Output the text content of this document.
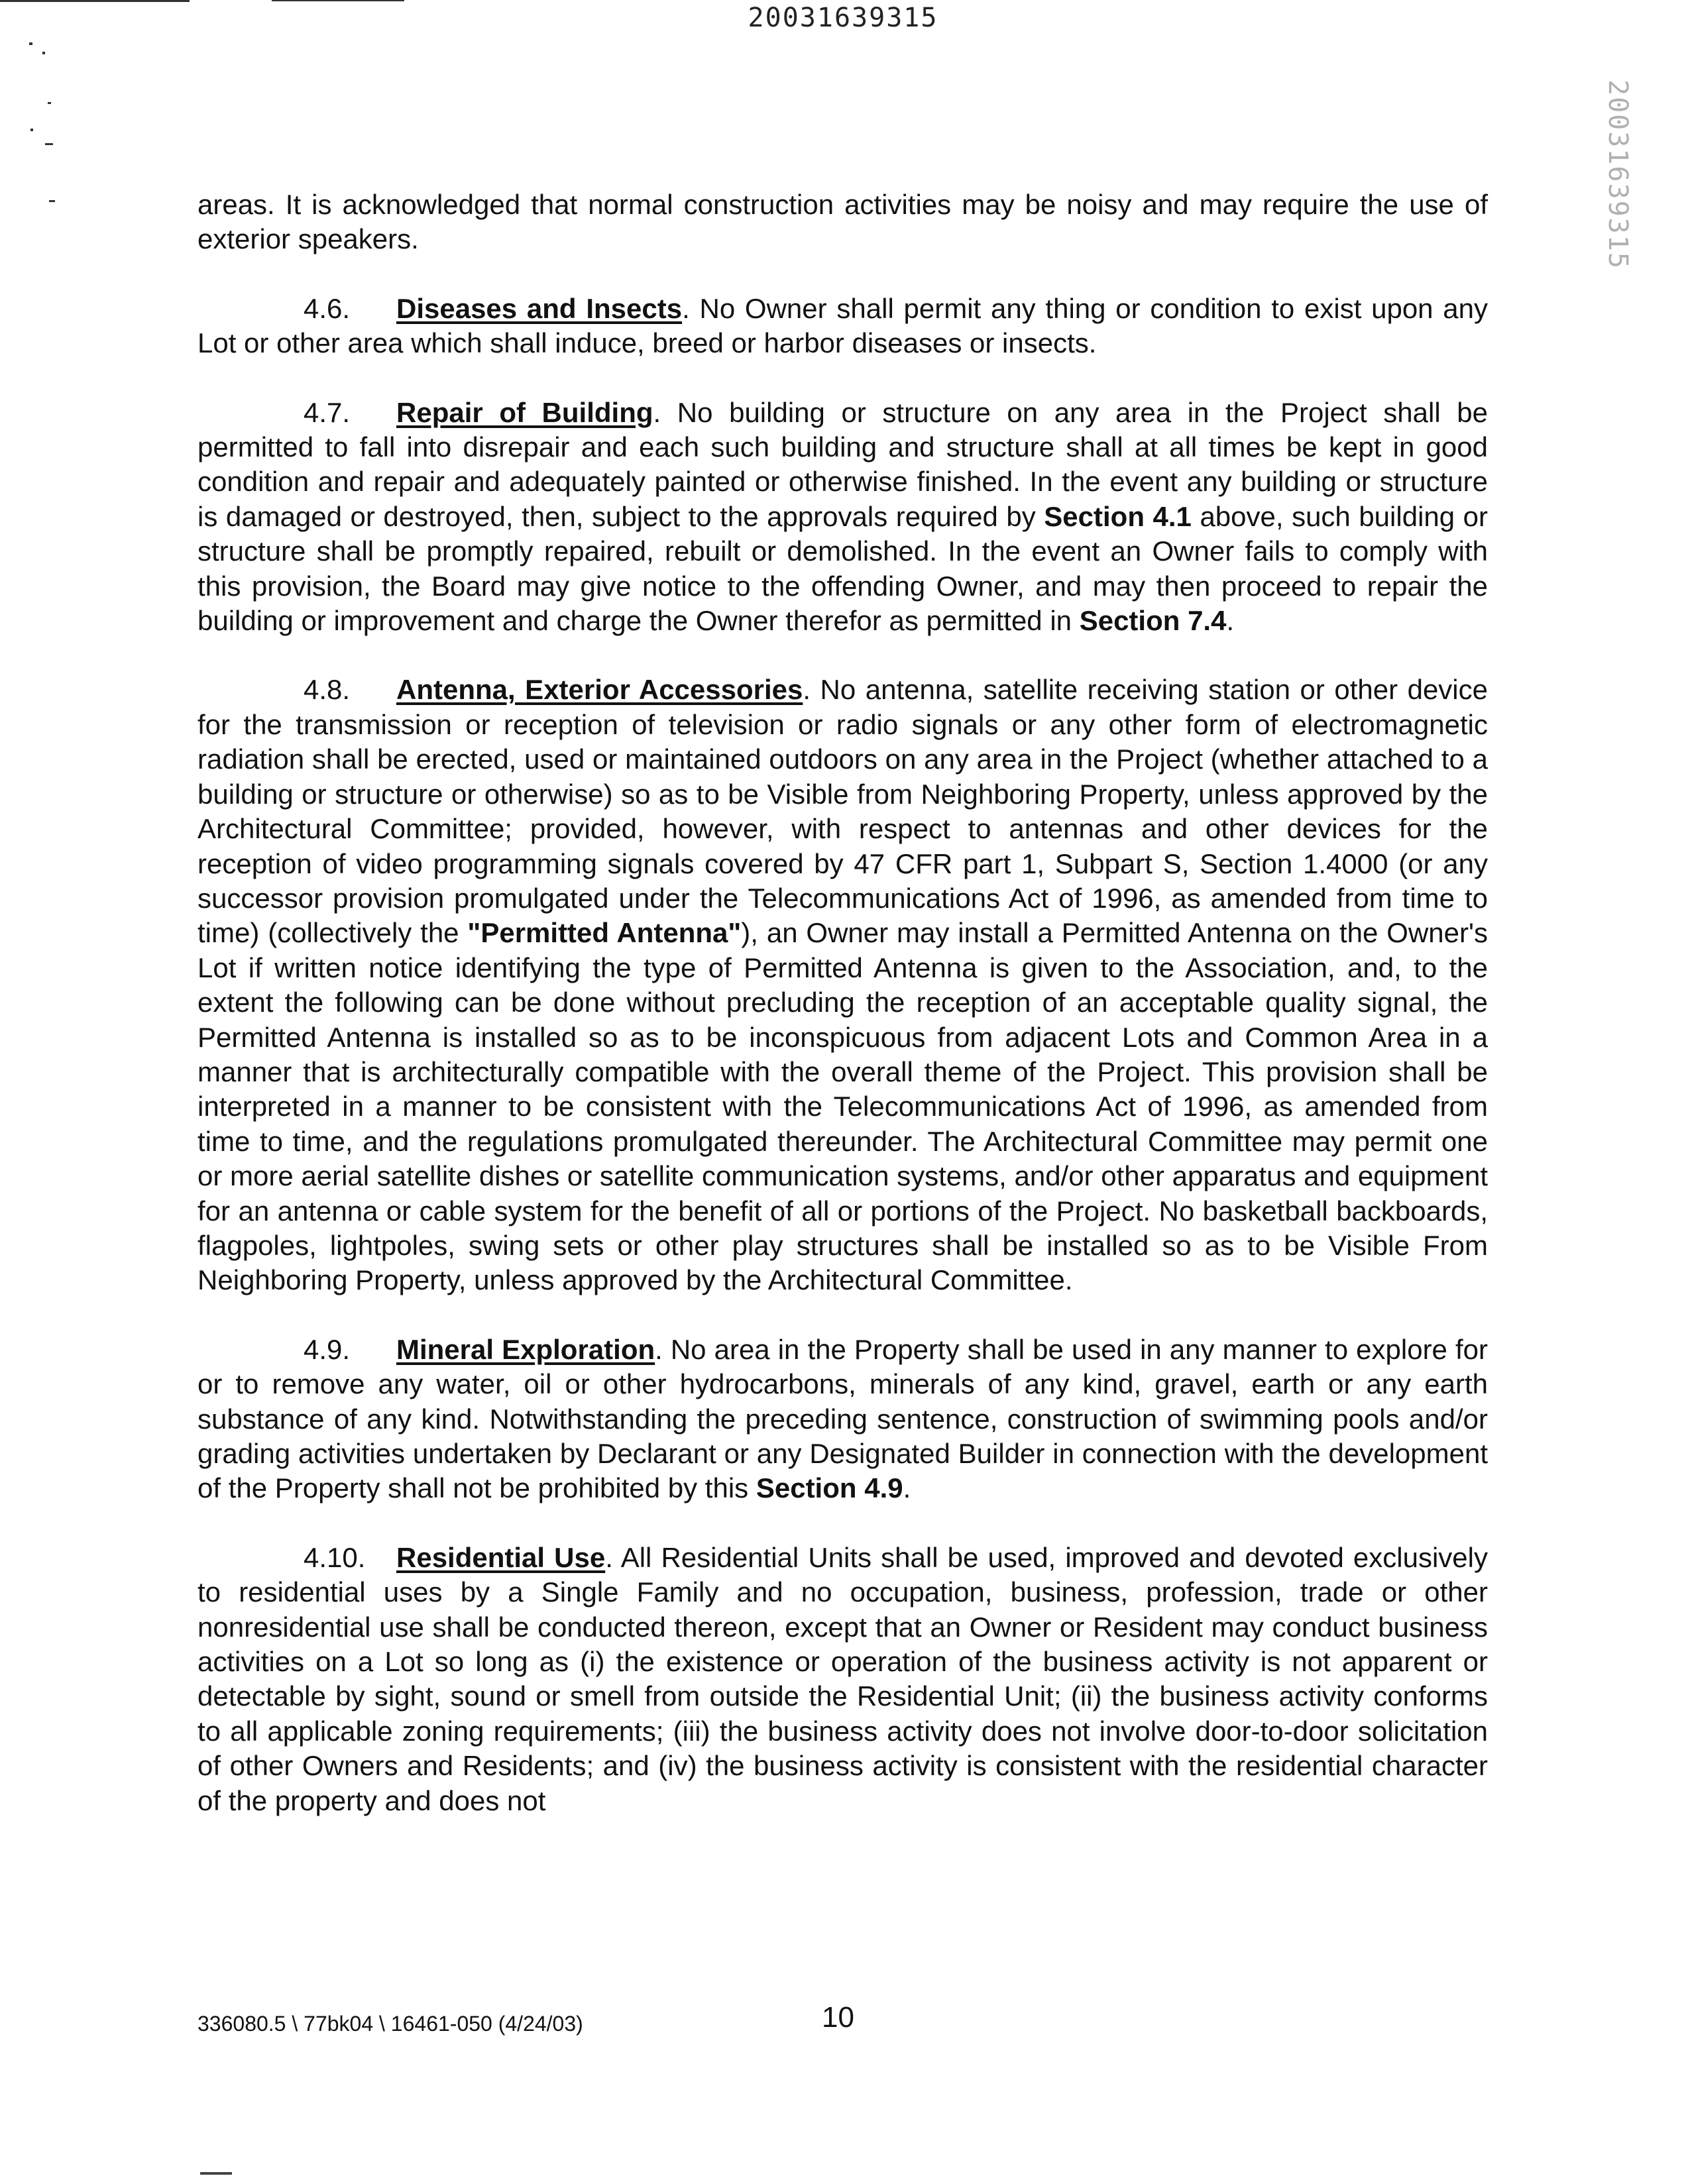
20031639315
20031639315

areas. It is acknowledged that normal construction activities may be noisy and may require the use of exterior speakers.

4.6. Diseases and Insects. No Owner shall permit any thing or condition to exist upon any Lot or other area which shall induce, breed or harbor diseases or insects.

4.7. Repair of Building. No building or structure on any area in the Project shall be permitted to fall into disrepair and each such building and structure shall at all times be kept in good condition and repair and adequately painted or otherwise finished. In the event any building or structure is damaged or destroyed, then, subject to the approvals required by Section 4.1 above, such building or structure shall be promptly repaired, rebuilt or demolished. In the event an Owner fails to comply with this provision, the Board may give notice to the offending Owner, and may then proceed to repair the building or improvement and charge the Owner therefor as permitted in Section 7.4.

4.8. Antenna, Exterior Accessories. No antenna, satellite receiving station or other device for the transmission or reception of television or radio signals or any other form of electromagnetic radiation shall be erected, used or maintained outdoors on any area in the Project (whether attached to a building or structure or otherwise) so as to be Visible from Neighboring Property, unless approved by the Architectural Committee; provided, however, with respect to antennas and other devices for the reception of video programming signals covered by 47 CFR part 1, Subpart S, Section 1.4000 (or any successor provision promulgated under the Telecommunications Act of 1996, as amended from time to time) (collectively the "Permitted Antenna"), an Owner may install a Permitted Antenna on the Owner's Lot if written notice identifying the type of Permitted Antenna is given to the Association, and, to the extent the following can be done without precluding the reception of an acceptable quality signal, the Permitted Antenna is installed so as to be inconspicuous from adjacent Lots and Common Area in a manner that is architecturally compatible with the overall theme of the Project. This provision shall be interpreted in a manner to be consistent with the Telecommunications Act of 1996, as amended from time to time, and the regulations promulgated thereunder. The Architectural Committee may permit one or more aerial satellite dishes or satellite communication systems, and/or other apparatus and equipment for an antenna or cable system for the benefit of all or portions of the Project. No basketball backboards, flagpoles, lightpoles, swing sets or other play structures shall be installed so as to be Visible From Neighboring Property, unless approved by the Architectural Committee.

4.9. Mineral Exploration. No area in the Property shall be used in any manner to explore for or to remove any water, oil or other hydrocarbons, minerals of any kind, gravel, earth or any earth substance of any kind. Notwithstanding the preceding sentence, construction of swimming pools and/or grading activities undertaken by Declarant or any Designated Builder in connection with the development of the Property shall not be prohibited by this Section 4.9.

4.10. Residential Use. All Residential Units shall be used, improved and devoted exclusively to residential uses by a Single Family and no occupation, business, profession, trade or other nonresidential use shall be conducted thereon, except that an Owner or Resident may conduct business activities on a Lot so long as (i) the existence or operation of the business activity is not apparent or detectable by sight, sound or smell from outside the Residential Unit; (ii) the business activity conforms to all applicable zoning requirements; (iii) the business activity does not involve door-to-door solicitation of other Owners and Residents; and (iv) the business activity is consistent with the residential character of the property and does not

336080.5 \ 77bk04 \ 16461-050 (4/24/03)	10
